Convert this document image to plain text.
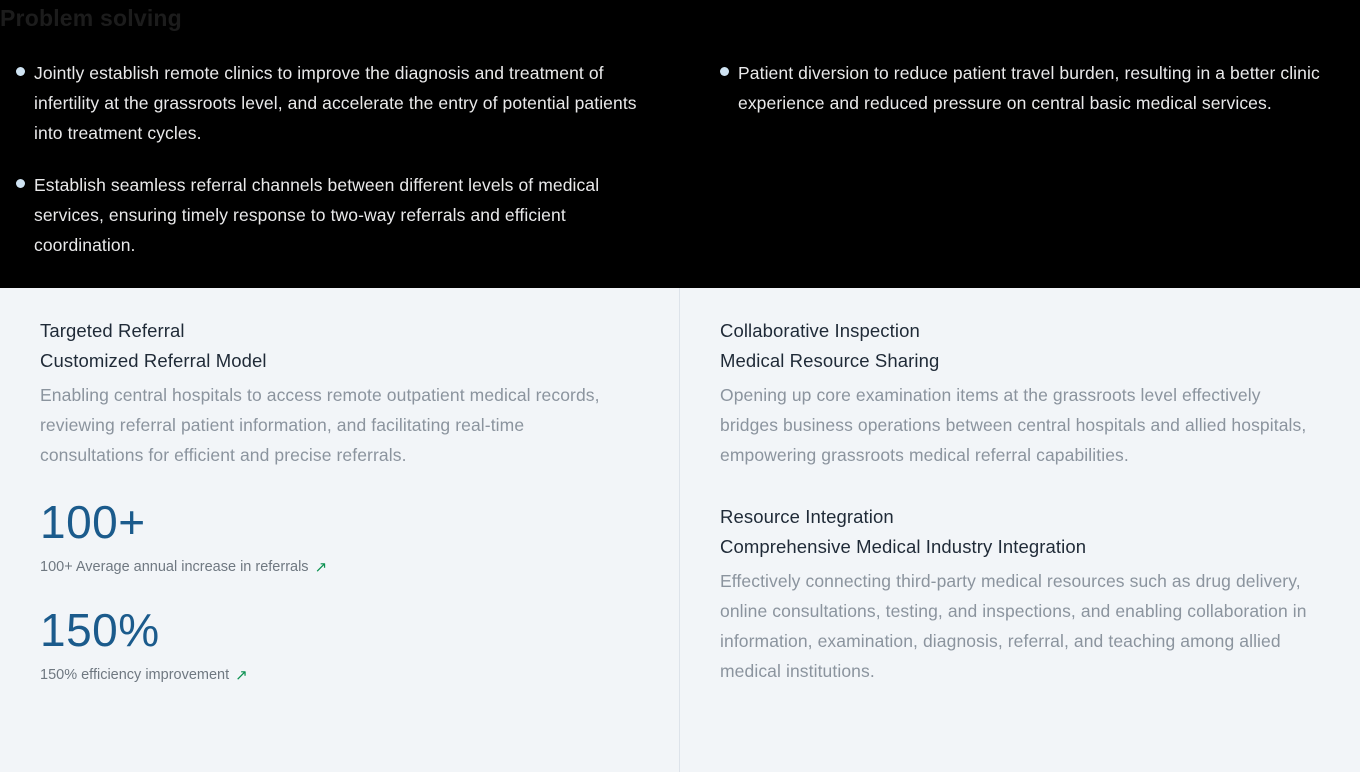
Problem solving
Jointly establish remote clinics to improve the diagnosis and treatment of infertility at the grassroots level, and accelerate the entry of potential patients into treatment cycles.
Establish seamless referral channels between different levels of medical services, ensuring timely response to two-way referrals and efficient coordination.
Patient diversion to reduce patient travel burden, resulting in a better clinic experience and reduced pressure on central basic medical services.
Targeted Referral
Customized Referral Model
Enabling central hospitals to access remote outpatient medical records, reviewing referral patient information, and facilitating real-time consultations for efficient and precise referrals.
100+
100+ Average annual increase in referrals ↗
150%
150% efficiency improvement ↗
Collaborative Inspection
Medical Resource Sharing
Opening up core examination items at the grassroots level effectively bridges business operations between central hospitals and allied hospitals, empowering grassroots medical referral capabilities.
Resource Integration
Comprehensive Medical Industry Integration
Effectively connecting third-party medical resources such as drug delivery, online consultations, testing, and inspections, and enabling collaboration in information, examination, diagnosis, referral, and teaching among allied medical institutions.
